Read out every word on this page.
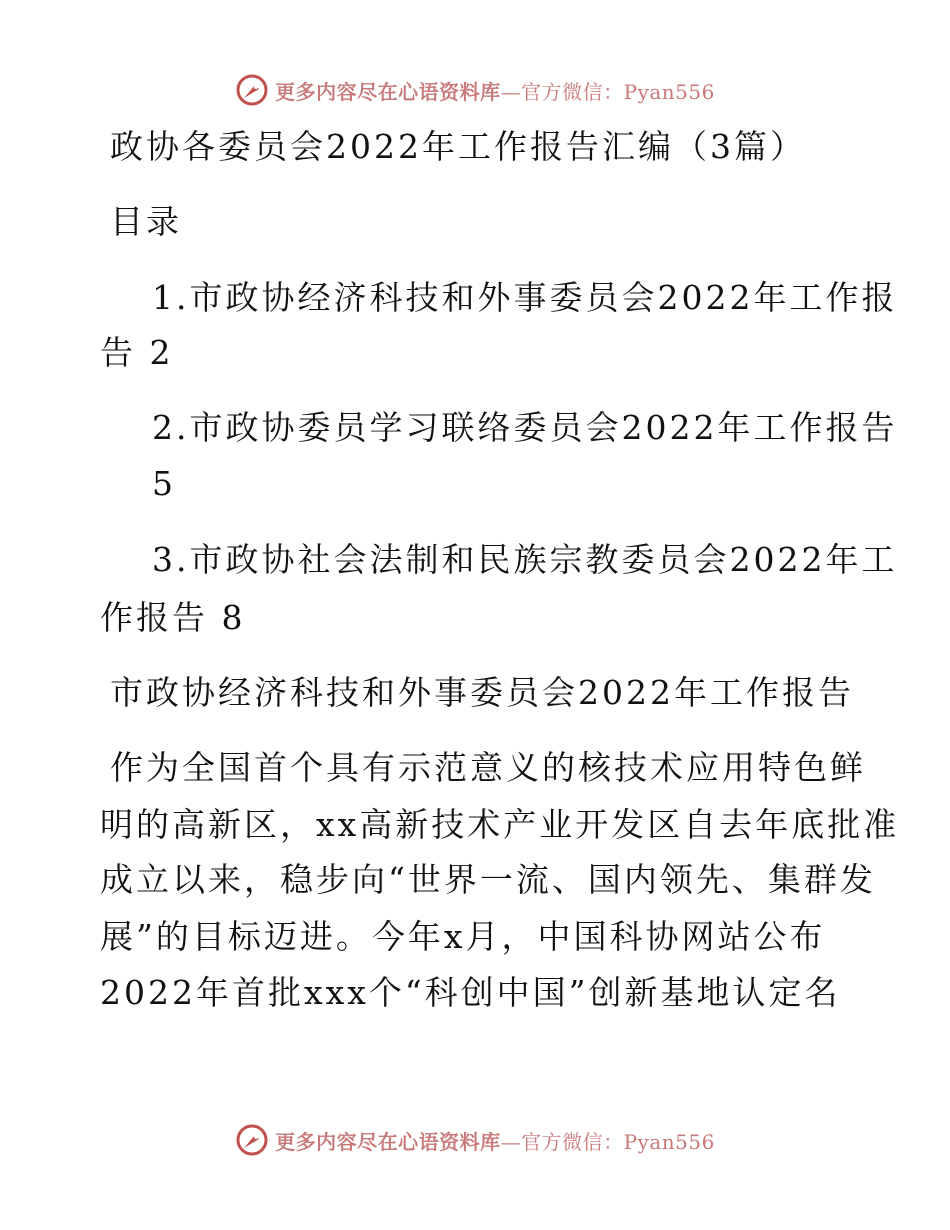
更多内容尽在心语资料库—官方微信：Pyan556
政协各委员会2022年工作报告汇编（3篇）
目录
1.市政协经济科技和外事委员会2022年工作报
告 2
2.市政协委员学习联络委员会2022年工作报告
5
3.市政协社会法制和民族宗教委员会2022年工
作报告 8
市政协经济科技和外事委员会2022年工作报告
作为全国首个具有示范意义的核技术应用特色鲜
明的高新区，xx高新技术产业开发区自去年底批准
成立以来，稳步向“世界一流、国内领先、集群发
展”的目标迈进。今年x月，中国科协网站公布
2022年首批xxx个“科创中国”创新基地认定名
更多内容尽在心语资料库—官方微信：Pyan556
